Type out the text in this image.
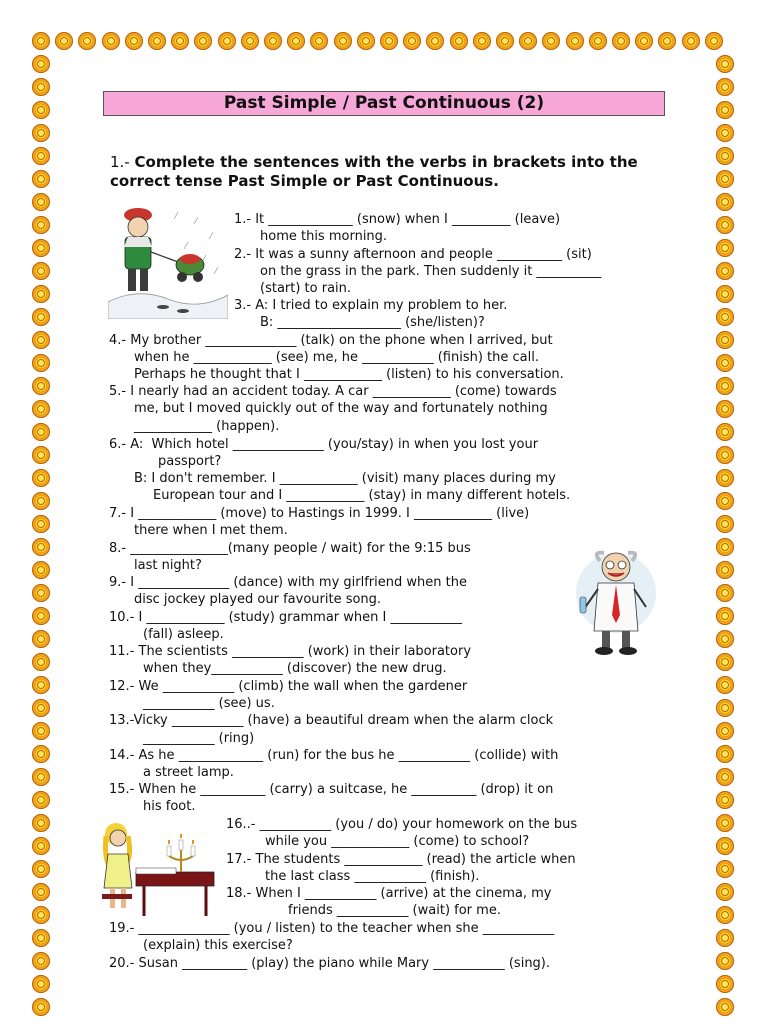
Past Simple / Past Continuous (2)
1.- Complete the sentences with the verbs in brackets into the correct tense Past Simple or Past Continuous.
1.- It _____________ (snow) when I _________ (leave)
home this morning.
2.- It was a sunny afternoon and people __________ (sit)
on the grass in the park. Then suddenly it __________
(start) to rain.
3.- A: I tried to explain my problem to her.
B: ___________________ (she/listen)?
4.- My brother ______________ (talk) on the phone when I arrived, but
when he ____________ (see) me, he ___________ (finish) the call.
Perhaps he thought that I ____________ (listen) to his conversation.
5.- I nearly had an accident today. A car ____________ (come) towards
me, but I moved quickly out of the way and fortunately nothing
____________ (happen).
6.- A:  Which hotel ______________ (you/stay) in when you lost your
passport?
B: I don't remember. I ____________ (visit) many places during my
European tour and I ____________ (stay) in many different hotels.
7.- I ____________ (move) to Hastings in 1999. I ____________ (live)
there when I met them.
8.- _______________(many people / wait) for the 9:15 bus
last night?
9.- I ______________ (dance) with my girlfriend when the
disc jockey played our favourite song.
10.- I ____________ (study) grammar when I ___________
(fall) asleep.
11.- The scientists ___________ (work) in their laboratory
when they___________ (discover) the new drug.
12.- We ___________ (climb) the wall when the gardener
___________ (see) us.
13.-Vicky ___________ (have) a beautiful dream when the alarm clock
___________ (ring)
14.- As he _____________ (run) for the bus he ___________ (collide) with
a street lamp.
15.- When he __________ (carry) a suitcase, he __________ (drop) it on
his foot.
16..- ___________ (you / do) your homework on the bus
while you ____________ (come) to school?
17.- The students ____________ (read) the article when
the last class ___________ (finish).
18.- When I ___________ (arrive) at the cinema, my
friends ___________ (wait) for me.
19.- ______________ (you / listen) to the teacher when she ___________
(explain) this exercise?
20.- Susan __________ (play) the piano while Mary ___________ (sing).
